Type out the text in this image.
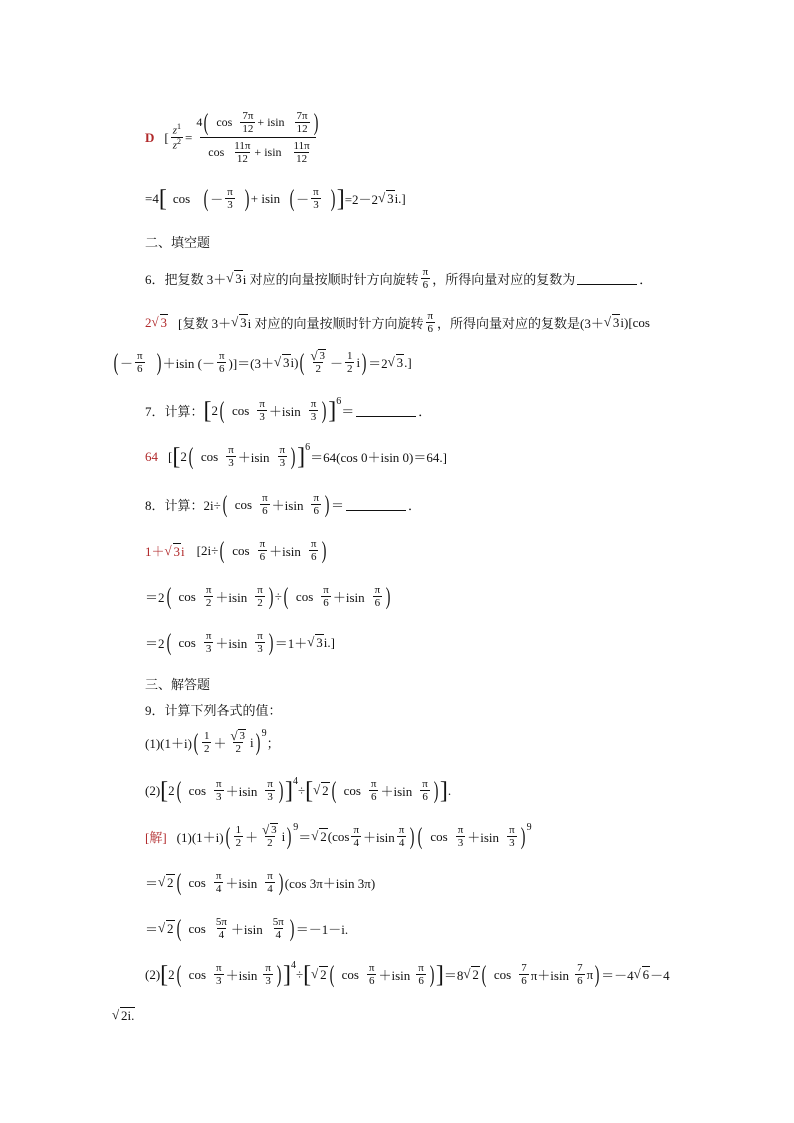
D [ $\frac{z^1}{z^2} = \frac{4 ( \cos \frac{7\pi}{12} + isin \frac{7\pi}{12} )}{\cos \frac{11\pi}{12} + isin \frac{11\pi}{12}}$
=4 [ cos ( － $\frac{\pi}{3}$ ) + isin ( － $\frac{\pi}{3}$ ) ] =2－2 √ 3 i.]
二、填空题
6．把复数 3＋ √ 3 i 对应的向量按顺时针方向旋转 $\frac{\pi}{6}$ ，所得向量对应的复数为	．
2 √ 3 [复数 3＋ √ 3 i 对应的向量按顺时针方向旋转 $\frac{\pi}{6}$ ，所得向量对应的复数是(3＋ √ 3 i)[cos
( － $\frac{\pi}{6}$ ) ＋isin (－ $\frac{\pi}{6} )]=(3+$ √ 3 i) ( √ $\frac{3}{2} - \frac{1}{2}$ i ) ＝2 √ 3 .]
7．计算： [ 2 ( $\cos \frac{\pi}{3} +isin \frac{\pi}{3}$ ) ] 6
＝	．
64 [ [ 2 ( $\cos \frac{\pi}{3} +isin \frac{\pi}{3}$ ) ] 6
＝64(cos 0＋isin 0)＝64.]
8．计算：2i÷ ( $\cos \frac{\pi}{6} +isin \frac{\pi}{6}$ ) ＝	．
1＋ √ 3i [2i÷ ( $\cos \frac{\pi}{6} +isin \frac{\pi}{6}$ )
＝2 ( $\cos \frac{\pi}{2} +isin \frac{\pi}{2}$ ) ÷ ( $\cos \frac{\pi}{6} +isin \frac{\pi}{6}$ )
＝2 ( $\cos \frac{\pi}{3} +isin \frac{\pi}{3}$ ) ＝1＋ √ 3 i.]
三、解答题
9．计算下列各式的值：
(1)(1＋i) ( $\frac{1}{2}$ ＋ √ $\frac{3}{2}$ i ) 9
；
(2) [ 2 ( $\cos \frac{\pi}{3} +isin \frac{\pi}{3}$ ) ] 4
÷ [ √ 2 ( $\cos \frac{\pi}{6} +isin \frac{\pi}{6}$ ) ] .
[解] (1)(1＋i) ( $\frac{1}{2}$ ＋ √ $\frac{3}{2}$ i ) 9
＝ √ 2 ($\cos \frac{\pi}{4} +isin \frac{\pi}{4}$ ) ( $\cos \frac{\pi}{3} +isin \frac{\pi}{3}$ ) 9
＝ √ 2 ( $\cos \frac{\pi}{4} +isin \frac{\pi}{4}$ ) (cos 3π＋isin 3π)
＝ √ 2 ( $\cos \frac{5\pi}{4} +isin \frac{5\pi}{4}$ ) ＝－1－i.
(2) [ 2 ( $\cos \frac{\pi}{3} +isin \frac{\pi}{3}$ ) ] 4
÷ [ √ 2 ( $\cos \frac{\pi}{6} +isin \frac{\pi}{6}$ ) ] ＝8 √ 2 ( $\cos \frac{7}{6} \pi+isin \frac{7}{6}$ π ) ＝－4 √ 6 －4
√ 2i.
